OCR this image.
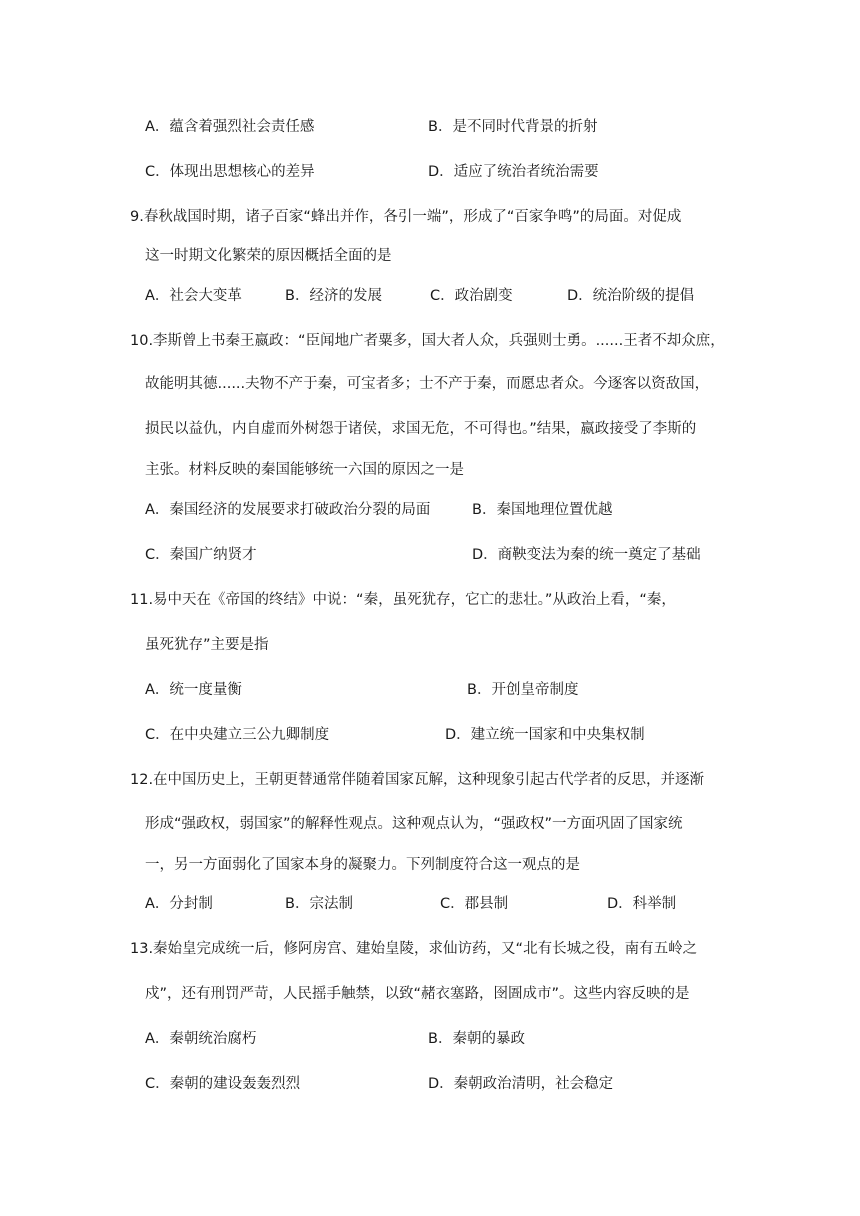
A．蕴含着强烈社会责任感	B．是不同时代背景的折射
C．体现出思想核心的差异	D．适应了统治者统治需要
9.春秋战国时期，诸子百家“蜂出并作，各引一端”，形成了“百家争鸣”的局面。对促成
这一时期文化繁荣的原因概括全面的是
A．社会大变革	B．经济的发展	C．政治剧变	D．统治阶级的提倡
10.李斯曾上书秦王嬴政：“臣闻地广者粟多，国大者人众，兵强则士勇。......王者不却众庶，
故能明其德......夫物不产于秦，可宝者多；士不产于秦，而愿忠者众。今逐客以资敌国，
损民以益仇，内自虚而外树怨于诸侯，求国无危，不可得也。”结果，嬴政接受了李斯的
主张。材料反映的秦国能够统一六国的原因之一是
A．秦国经济的发展要求打破政治分裂的局面	B．秦国地理位置优越
C．秦国广纳贤才	D．商鞅变法为秦的统一奠定了基础
11.易中天在《帝国的终结》中说：“秦，虽死犹存，它亡的悲壮。”从政治上看，“秦，
虽死犹存”主要是指
A．统一度量衡	B．开创皇帝制度
C．在中央建立三公九卿制度	D．建立统一国家和中央集权制
12.在中国历史上，王朝更替通常伴随着国家瓦解，这种现象引起古代学者的反思，并逐渐
形成“强政权，弱国家”的解释性观点。这种观点认为，“强政权”一方面巩固了国家统
一，另一方面弱化了国家本身的凝聚力。下列制度符合这一观点的是
A．分封制	B．宗法制	C．郡县制	D．科举制
13.秦始皇完成统一后，修阿房宫、建始皇陵，求仙访药，又“北有长城之役，南有五岭之
戍”，还有刑罚严苛，人民摇手触禁，以致“赭衣塞路，囹圄成市”。这些内容反映的是
A．秦朝统治腐朽	B．秦朝的暴政
C．秦朝的建设轰轰烈烈	D．秦朝政治清明，社会稳定
